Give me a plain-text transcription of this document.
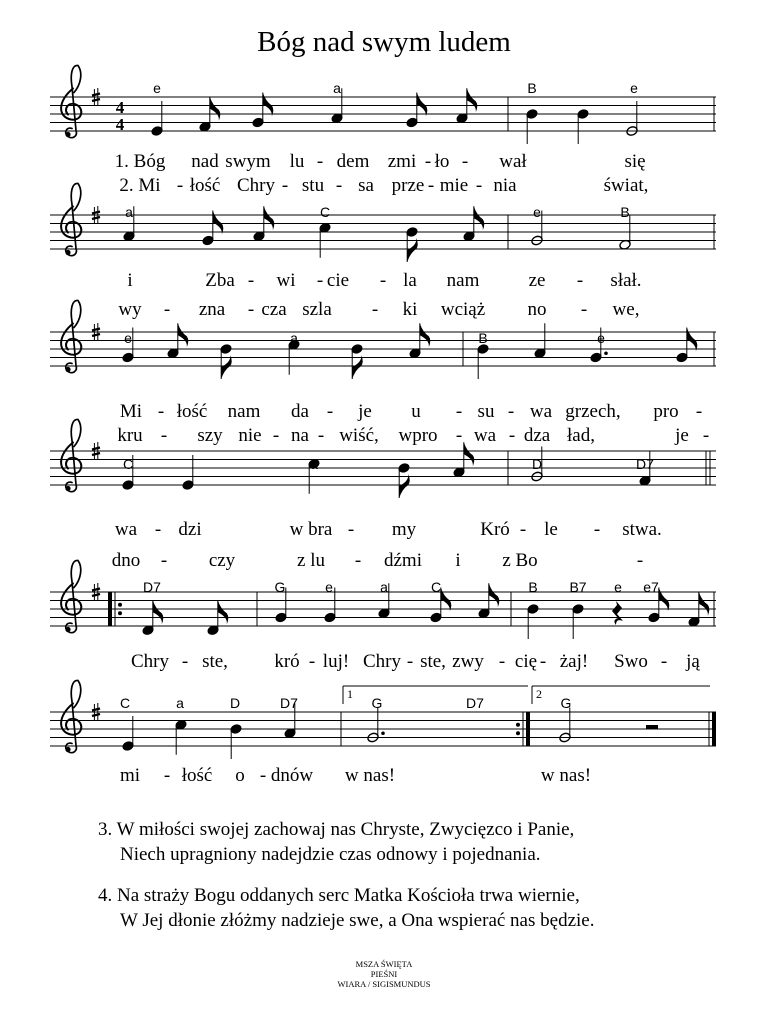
Bóg nad swym ludem
4
4
e	a	B	e
1. Bóg nad swym lu - dem zmi - ło - wał	się
2. Mi - łość Chry - stu - sa prze - mie - nia	świat,
a	C	e	B
i	Zba - wi - cie - la nam	ze - słał.
wy - zna - cza szla - ki wciąż no - we,
e	a	B	e
Mi - łość nam da - je u - su - wa grzech, pro -
kru - szy nie - na - wiść, wpro - wa - dza ład,	je -
C	a	D	D7
wa - dzi	w bra - my	Kró - le - stwa.
dno - czy	z lu - dźmi i z Bo	-
D7	G	e	a	C	B B7 e e7
Chry - ste, kró - luj! Chry - ste, zwy - cię - żaj! Swo - ją
1	2
C	a	D	D7	G	D7	G
mi - łość o - dnów w nas!	w nas!
3. W miłości swojej zachowaj nas Chryste, Zwycięzco i Panie,
Niech upragniony nadejdzie czas odnowy i pojednania.
4. Na straży Bogu oddanych serc Matka Kościoła trwa wiernie,
W Jej dłonie złóżmy nadzieje swe, a Ona wspierać nas będzie.
MSZA ŚWIĘTA
PIEŚNI
WIARA / SIGISMUNDUS
